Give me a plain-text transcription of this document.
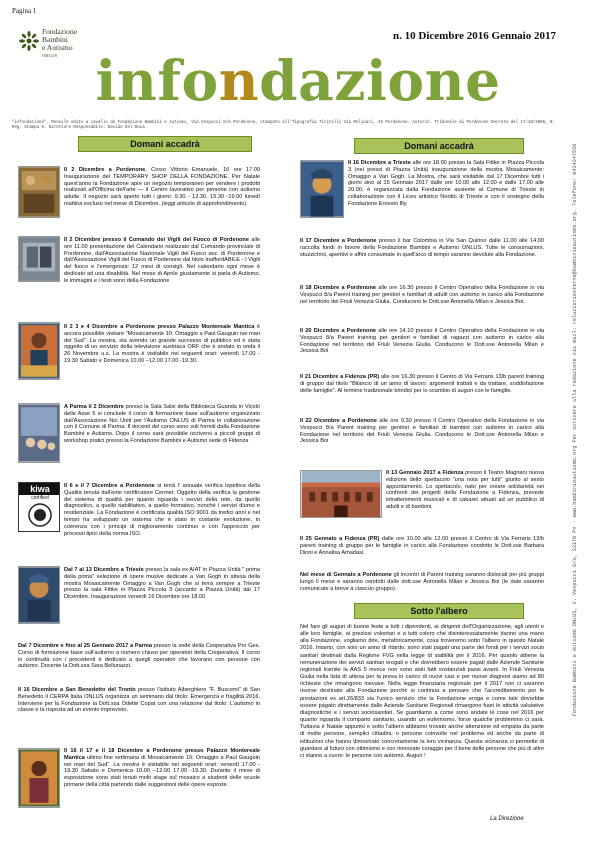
Pagina 1
Fondazione
Bambini
e Autismo
ONLUS
n. 10 Dicembre 2016 Gennaio 2017
infondazione
"infondazione". Mensile edito a cavallo da Fondazione Bambini e Autismo, Via Vespucci 8/a Pordenone, stampato all'Tipografia Tiritelli Via Molinari, 45 Pordenone. Autoriz. Tribunale di Pordenone Decreto del 17/10/2006, N. Reg. Stampa 6. Direttore Responsabile: Davide Del Duca.
Fondazione Bambini e Autismo ONLUS, V. Vespucci 8/a, 33170 Pn - www.bambinieautismo.org Per scrivere alla redazione via mail: relazioniesterne@bambinieautismo.org. Telefono: 0434247550
Domani accadrà

Il 2 Dicembre a Pordenone, Corso Vittorio Emanuele, 16 ore 17.00 Inaugurazione del TEMPORARY SHOP DELLA FONDAZIONE. Per Natale quest'anno la Fondazione apre un negozio temporaneo per vendere i prodotti realizzati all'Officina dell'arte — il Centro lavorativo per persone con autismo adulte. Il negozio sarà aperto tutti i giorni: 9.30 - 12.30. 15.30 -19.00 lunedì mattina escluso nel mese di Dicembre. (leggi articolo di approfondimento).

Il 2 Dicembre presso il Comando dei Vigili del Fuoco di Pordenone alle ore 11.00 presentazione del Calendario realizzato dal Comando provinciale di Pordenone, dall'Associazione Nazionale Vigili del Fuoco sez. di Pordenone e dall'Associazione Vigili del Fuoco di Pordenone dal titolo InaffordABILE - I Vigili del fuoco e l'emergenza: 12 mesi di consigli. Nel calendario ogni mese è dedicato ad una disabilità. Nel mese di Aprile giustamente si parla di Autismo, le immagini e i testi sono della Fondazione

Il 2 3 e 4 Dicembre a Pordenone presso Palazzo Montereale Mantica è ancora possibile visitare "Mosaicamente 10: Omaggio a Paul Gauguin nei mari del Sud". La mostra, sta avendo un grande successo di pubblico ed è stata oggetto di un servizio della televisione austriaca ORF che è andato in onda il 26 Novembre u.s. La mostra è visitabile nei seguenti orari: venerdì 17.00 - 19.30 Sabato e Domenica 10.00 –12.00 17.00 -19.30.

A Parma il 2 Dicembre presso la Sala Salsi della Biblioteca Guanda in Vicolo delle Asse 5 si conclude il corso di formazione base sull'autismo organizzato dall'Associazione Noi Uniti per l'Autismo ONLUS di Parma in collaborazione con il Comune di Parma. Il docenti del corso sono soli formiti dalla Fondazione Bambini e Autismo. Dopo il corso sarà possibile iscriversi a piccoli gruppi di workshop pratici presso la Fondazione Bambini e Autismo sede di Fidenza

kiwa
certified

Il 6 e il 7 Dicembre a Pordenone si terrà l' annuale verifica ispettiva della Qualità tenuta dall'ente certificatore Cermet. Oggetto della verifica la gestione del sistema di qualità per quanto riguarda i servizi della rete, da quello diagnostico, a quello riabilitativo, a quello formativo, nonché i servizi diurno e residenziale. La Fondazione è certificata qualità ISO 9001 da tredici anni e nel tempo ha sviluppato un sistema che è stato in costante evoluzione, in coerenza con i principi di miglioramento continuo e con l'approccio per processi tipici della norma ISO.

Dal 7 al 13 Dicembre a Trieste presso la sala ex AIAT in Piazza Unità " prima della prima" selezione di opere musive dedicate a Van Gogh in attesa della mostra Mosaicamente Omaggio a Van Gogh che si terrà sempre a Trieste presso la sala Fittke in Piazza Piccola 3 (accanto a Piazza Unità) dal 17 Dicembre. Inaugurazione venerdì 16 Dicembre ore 18.00.

Dal 7 Dicembre e fino al 25 Gennaio 2017 a Parma presso la sede della Cooperativa Pro Ges. Corso di formazione base sull'autismo a numero chiuso per operatori della Cooperativa. Il corso in continuità con i precedenti è dedicato a quegli operatori che lavorano con persone con autismo. Docente la Dott.ssa Sara Bellunazzi.

Il 16 Dicembre a San Benedetto del Tronto presso l'istituto Alberghiero "F. Buscemi" di San Benedetto il CERPA Italia ONLUS organizza un seminario dal titolo: Emergenza e fragilità 2016. Interviene per la Fondazione la Dott.ssa Odette Copat con una relazione dal titolo: L'autismo in classe e la risposta ad un evento imprevisto.

Il 16 il 17 e il 18 Dicembre a Pordenone presso Palazzo Montereale Mantica ultimo fine settimana di Mosaicamente 10: Omaggio a Paul Gauguin nei mari del Sud". La mostra è visitabile nei seguenti orari: venerdì 17.00 - 19.30 Sabato e Domenica 10.00 –12.00 17.00 -19.30. Durante il mese di esposizione sono stati tenuti molti stage sul mosaico a studenti delle scuole primarie della città partendo dalle suggestioni delle opere esposte.

Domani accadrà

Il 16 Dicembre a Trieste alle ore 18.00 presso la Sala Fittke in Piazza Piccola 3 (nei pressi di Piazza Unità) inaugurazione della mostra Mosaicamente: Omaggio a Van Gogh. La Mostra, che sarà visitabile dal 17 Dicembre tutti i giorni sino al 15 Gennaio 2017 dalle ore 10.00 alle 12.00 e dalle 17.00 alle 20.00, è organizzata dalla Fondazione assieme al Comune di Trieste in collaborazione con il Liceo artistico Nordio di Trieste e con il sostegno della Fondazione Ernesto Illy.

Il 17 Dicembre a Pordenone presso il bar Colombia in Via San Quirino dalle 11.00 alle 14.00 raccolta fondi in favore della Fondazione Bambini e Autismo ONLUS. Tutte le consumazioni, stuzzichini, aperitivi e affini consumate in quell'arco di tempo saranno devolute alla Fondazione.

Il 18 Dicembre a Pordenone alle ore 16.30 presso il Centro Operativo della Fondazione in via Vespucci 8/a Parent training per genitori e familiari di adulti con autismo in carico alla Fondazione nel territorio del Friuli Venezia Giulia. Conducono le Dott.sse Antonella Milan e Jessica Boi.

Il 20 Dicembre a Pordenone alle ore 14.10 presso il Centro Operativo della Fondazione in via Vespucci 8/a Parent training per genitori e familiari di ragazzi con autismo in carico alla Fondazione nel territorio del Friuli Venezia Giulia. Conducono le Dott.sse Antonella Milan e Jessica Boi

Il 21 Dicembre a Fidenza (PR) alle ore 16.30 presso il Centro di Via Ferraris 13/b parent training di gruppo dal titolo "Bilancio di un anno di lavoro: argomenti trattati e da trattare, soddisfazione delle famiglie". Al termine tradizionale brindisi per lo scambio di auguri con le famiglie.

Il 22 Dicembre a Pordenone alle ore 9.30 presso il Centro Operativo della Fondazione in via Vespucci 8/a Parent training per genitori e familiari di bambini con autismo in carico alla Fondazione nel territorio del Friuli Venezia Giulia. Conducono le Dott.sse Antonella Milan e Jessica Boi

Il 13 Gennaio 2017 a Fidenza presso il Teatro Magnani nuova edizione dello spettacolo "una nota per tutti" giunto al sesto appuntamento. Lo spettacolo, nato per creare solidarietà nei confronti dei progetti della Fondazione a Fidenza, prevede intrattenimenti musicali e di cabaret attuati ad un pubblico di adulti e di bambini.

Il 25 Gennaio a Fidenza (PR) dalle ore 10.00 alle 12.00 presso il Centro di Via Ferraris 13/b parent training di gruppo per le famiglie in carico alla Fondazione condotto le Dott.sse Barbara Dioni e Annalisa Amadasi.

Nel mese di Gennaio a Pordenone gli incontri di Parent training saranno dislocati per più gruppi lungo il mese e saranno condotti dalle dott.sse Antonella Milan e Jessica Boi (le date saranno comunicate a breve a ciascun gruppo).

Sotto l'albero

Nel fare gli auguri di buone feste a tutti i dipendenti, ai dirigenti dell'Organizzazione, agli utenti e alle loro famiglie, ai preziosi volontari e a tutti coloro che disinteressatamente danno una mano alla Fondazione, vogliamo dire, metaforicamente, cosa troveremo sotto l'albero in questo Natale 2016. Intanto, con solo un anno di ritardo, sono stati pagati una parte dei fondi per i servizi socio sanitari destinati dalla Regione FVG nella legge di stabilità per il 2016. Per quanto attiene la remunerazione dei servizi sanitari erogati e che dovrebbero essere pagati dalle Aziende Sanitarie regionali tramite la AAS 5 invece non sono stati fatti sostanziali passi avanti. In Friuli Venezia Giulia nella lista di attesa per la presa in carico di nuovi casi e per nuove diagnosi siamo ad 80 richieste che rimangono inevase. Nella legge finanziaria regionale per il 2017 non ci saranno risorse destinate alla Fondazione perché si continua a pensare che l'accreditamento per le prestazioni ex art.26/833 sia l'unico servizio che la Fondazione eroga e come tale dovrebbe essere pagato direttamente dalle Aziende Sanitarie Regionali rimangono fuori le attività valutative diagnostiche e i servizi sociosanitari. Se guardiamo a come sono andate le cose nel 2016 per quanto riguarda il comparto sanitario, usando un eufemismo, forse qualche problemino ci sarà. Tuttavia è Natale appunto e sotto l'albero abbiamo trovato anche attenzione ed empatia da parte di molte persone, semplici cittadini, o persone coinvolte nel problema ed anche da parte di istituzioni che hanno dimostrato concretamente la loro vicinanza. Questa vicinanza ci permette di guardare al futuro con ottimismo e con rinnovato coraggio per il bene delle persone che più di altre ci stanno a cuore: le persone con autismo. Auguri !

La Direzione
